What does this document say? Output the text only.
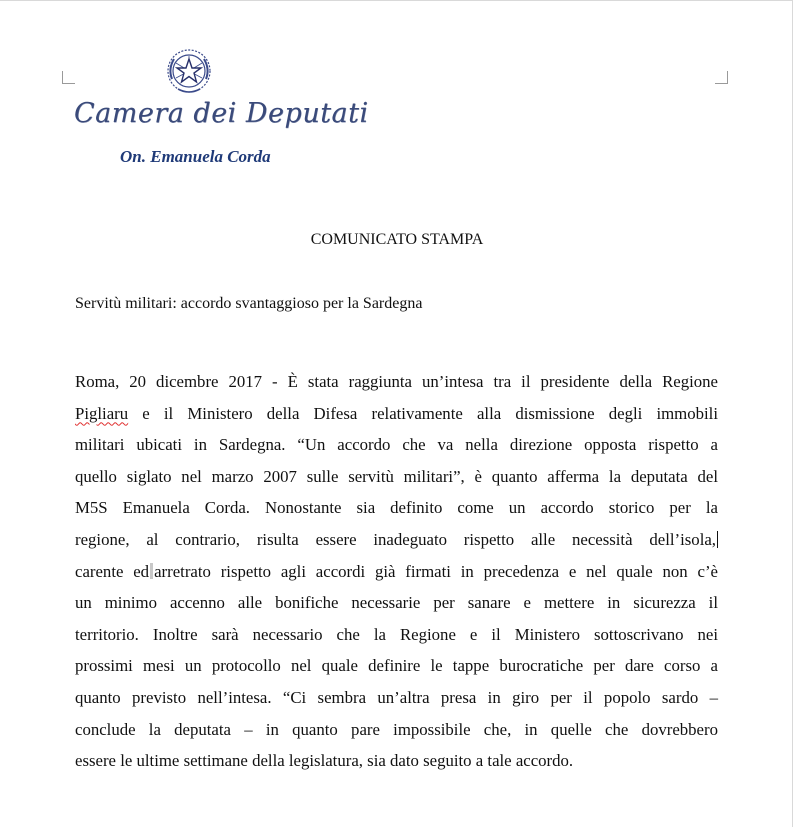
Camera dei Deputati
On. Emanuela Corda
COMUNICATO STAMPA
Servitù militari: accordo svantaggioso per la Sardegna
Roma, 20 dicembre 2017 - È stata raggiunta un’intesa tra il presidente della Regione
Pigliaru e il Ministero della Difesa relativamente alla dismissione degli immobili
militari ubicati in Sardegna. “Un accordo che va nella direzione opposta rispetto a
quello siglato nel marzo 2007 sulle servitù militari”, è quanto afferma la deputata del
M5S Emanuela Corda. Nonostante sia definito come un accordo storico per la
regione, al contrario, risulta essere inadeguato rispetto alle necessità dell’isola,
carente ed arretrato rispetto agli accordi già firmati in precedenza e nel quale non c’è
un minimo accenno alle bonifiche necessarie per sanare e mettere in sicurezza il
territorio. Inoltre sarà necessario che la Regione e il Ministero sottoscrivano nei
prossimi mesi un protocollo nel quale definire le tappe burocratiche per dare corso a
quanto previsto nell’intesa. “Ci sembra un’altra presa in giro per il popolo sardo –
conclude la deputata – in quanto pare impossibile che, in quelle che dovrebbero
essere le ultime settimane della legislatura, sia dato seguito a tale accordo.
